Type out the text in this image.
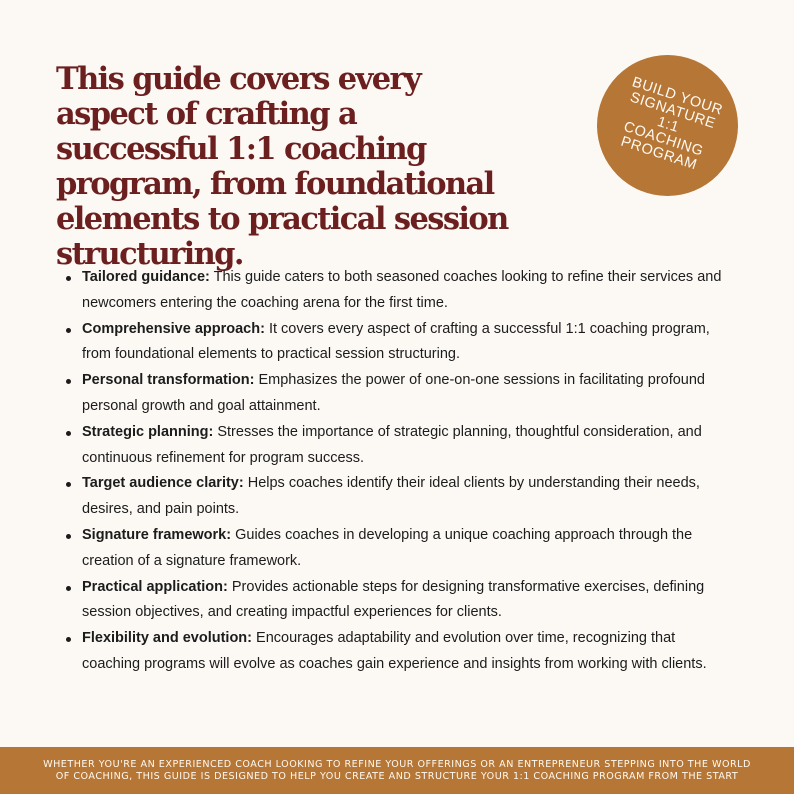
This guide covers every aspect of crafting a successful 1:1 coaching program, from foundational elements to practical session structuring.
BUILD YOUR
SIGNATURE 1:1
COACHING
PROGRAM
Tailored guidance: This guide caters to both seasoned coaches looking to refine their services and newcomers entering the coaching arena for the first time.
Comprehensive approach: It covers every aspect of crafting a successful 1:1 coaching program, from foundational elements to practical session structuring.
Personal transformation: Emphasizes the power of one-on-one sessions in facilitating profound personal growth and goal attainment.
Strategic planning: Stresses the importance of strategic planning, thoughtful consideration, and continuous refinement for program success.
Target audience clarity: Helps coaches identify their ideal clients by understanding their needs, desires, and pain points.
Signature framework: Guides coaches in developing a unique coaching approach through the creation of a signature framework.
Practical application: Provides actionable steps for designing transformative exercises, defining session objectives, and creating impactful experiences for clients.
Flexibility and evolution: Encourages adaptability and evolution over time, recognizing that coaching programs will evolve as coaches gain experience and insights from working with clients.
WHETHER YOU'RE AN EXPERIENCED COACH LOOKING TO REFINE YOUR OFFERINGS OR AN ENTREPRENEUR STEPPING INTO THE WORLD
OF COACHING, THIS GUIDE IS DESIGNED TO HELP YOU CREATE AND STRUCTURE YOUR 1:1 COACHING PROGRAM FROM THE START
